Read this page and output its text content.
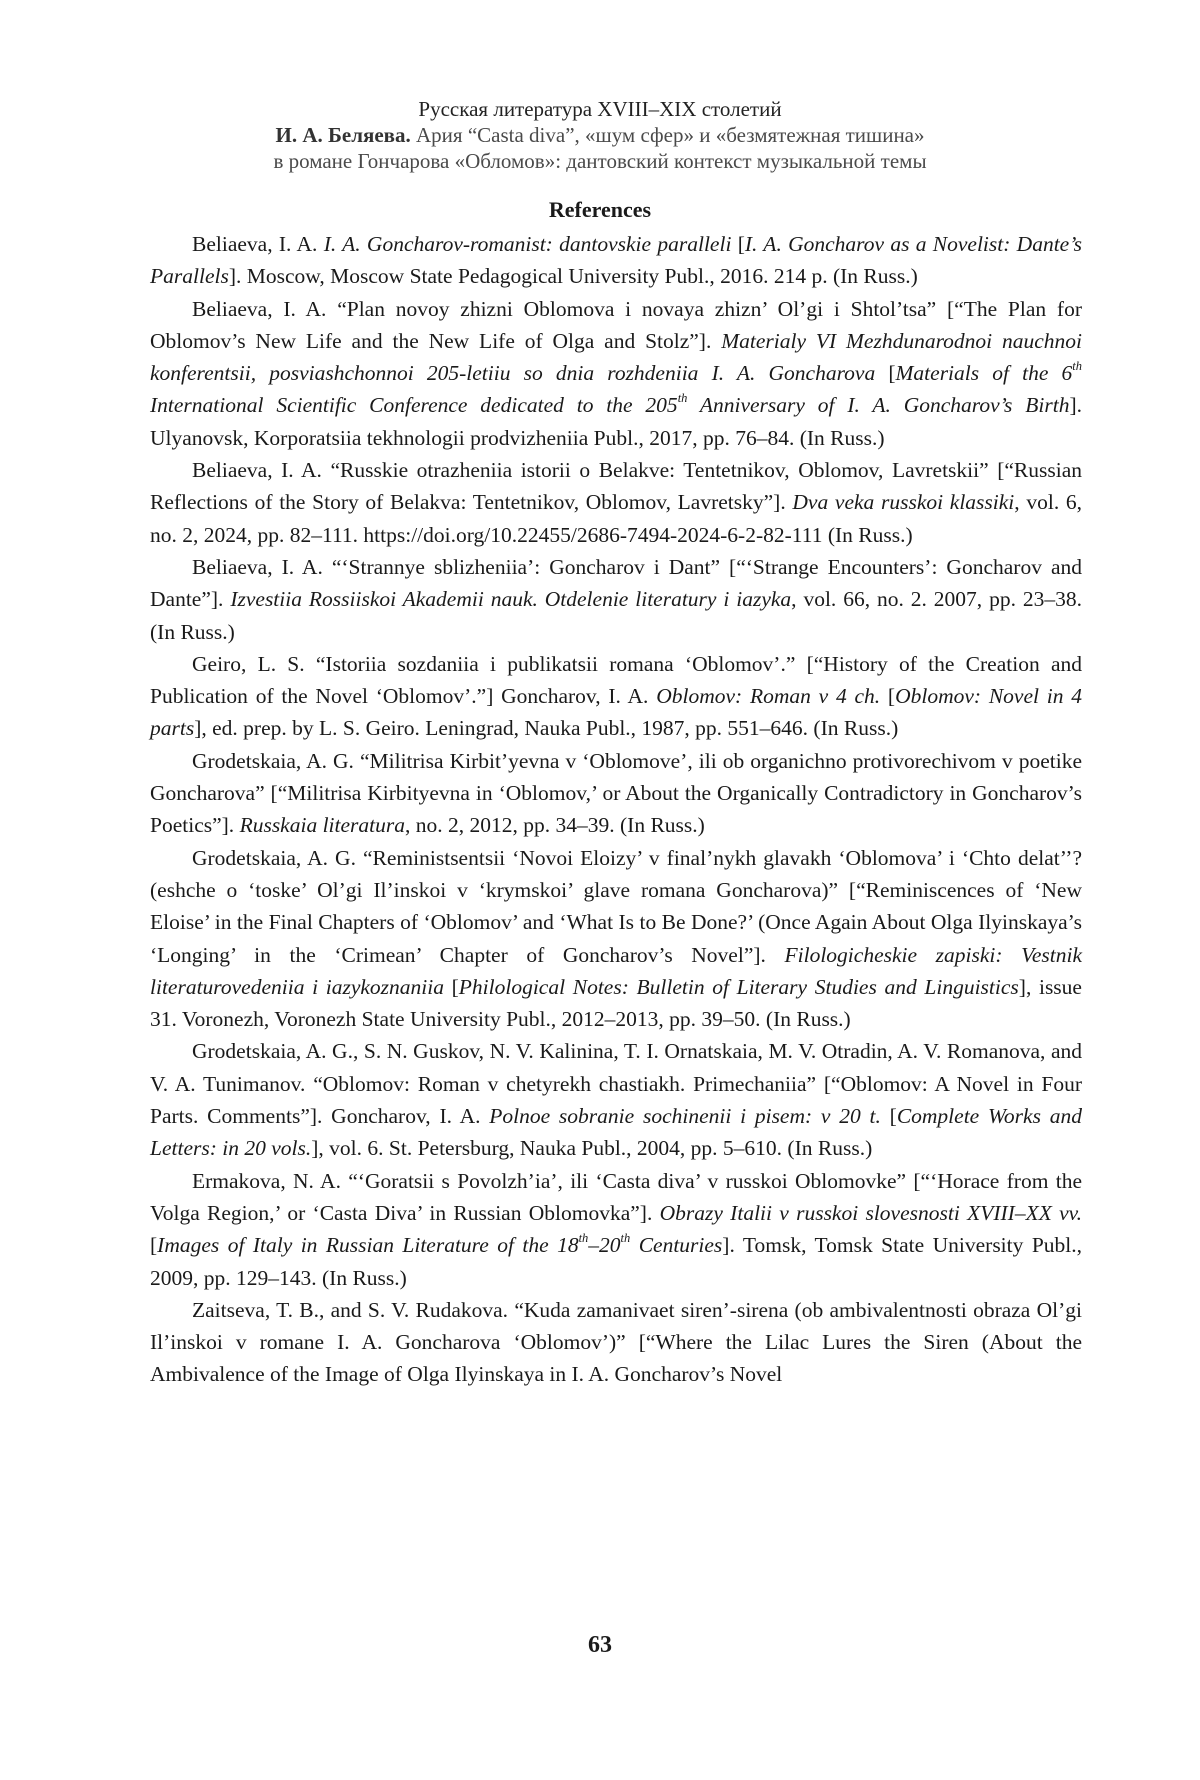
Русская литература XVIII–XIX столетий
И. А. Беляева. Ария “Casta diva”, «шум сфер» и «безмятежная тишина»
в романе Гончарова «Обломов»: дантовский контекст музыкальной темы
References

Beliaeva, I. A. I. A. Goncharov-romanist: dantovskie paralleli [I. A. Goncharov as a Novelist: Dante’s Parallels]. Moscow, Moscow State Pedagogical University Publ., 2016. 214 p. (In Russ.)

Beliaeva, I. A. “Plan novoy zhizni Oblomova i novaya zhizn’ Ol’gi i Shtol’tsa” [“The Plan for Oblomov’s New Life and the New Life of Olga and Stolz”]. Materialy VI Mezhdunarodnoi nauchnoi konferentsii, posviashchonnoi 205-letiiu so dnia rozhdeniia I. A. Goncharova [Materials of the 6th International Scientific Conference dedicated to the 205th Anniversary of I. A. Goncharov’s Birth]. Ulyanovsk, Korporatsiia tekhnologii prodvizheniia Publ., 2017, pp. 76–84. (In Russ.)

Beliaeva, I. A. “Russkie otrazheniia istorii o Belakve: Tentetnikov, Oblomov, Lavretskii” [“Russian Reflections of the Story of Belakva: Tentetnikov, Oblomov, Lavretsky”]. Dva veka russkoi klassiki, vol. 6, no. 2, 2024, pp. 82–111. https://doi.org/10.22455/2686-7494-2024-6-2-82-111 (In Russ.)

Beliaeva, I. A. “‘Strannye sblizheniia’: Goncharov i Dant” [“‘Strange Encounters’: Goncharov and Dante”]. Izvestiia Rossiiskoi Akademii nauk. Otdelenie literatury i iazyka, vol. 66, no. 2. 2007, pp. 23–38. (In Russ.)

Geiro, L. S. “Istoriia sozdaniia i publikatsii romana ‘Oblomov’.” [“History of the Creation and Publication of the Novel ‘Oblomov’.”] Goncharov, I. A. Oblomov: Roman v 4 ch. [Oblomov: Novel in 4 parts], ed. prep. by L. S. Geiro. Leningrad, Nauka Publ., 1987, pp. 551–646. (In Russ.)

Grodetskaia, A. G. “Militrisa Kirbit’yevna v ‘Oblomove’, ili ob organichno protivorechivom v poetike Goncharova” [“Militrisa Kirbityevna in ‘Oblomov,’ or About the Organically Contradictory in Goncharov’s Poetics”]. Russkaia literatura, no. 2, 2012, pp. 34–39. (In Russ.)

Grodetskaia, A. G. “Reministsentsii ‘Novoi Eloizy’ v final’nykh glavakh ‘Oblomova’ i ‘Chto delat’’? (eshche o ‘toske’ Ol’gi Il’inskoi v ‘krymskoi’ glave romana Goncharova)” [“Reminiscences of ‘New Eloise’ in the Final Chapters of ‘Oblomov’ and ‘What Is to Be Done?’ (Once Again About Olga Ilyinskaya’s ‘Longing’ in the ‘Crimean’ Chapter of Goncharov’s Novel”]. Filologicheskie zapiski: Vestnik literaturovedeniia i iazykoznaniia [Philological Notes: Bulletin of Literary Studies and Linguistics], issue 31. Voronezh, Voronezh State University Publ., 2012–2013, pp. 39–50. (In Russ.)

Grodetskaia, A. G., S. N. Guskov, N. V. Kalinina, T. I. Ornatskaia, M. V. Otradin, A. V. Romanova, and V. A. Tunimanov. “Oblomov: Roman v chetyrekh chastiakh. Primechaniia” [“Oblomov: A Novel in Four Parts. Comments”]. Goncharov, I. A. Polnoe sobranie sochinenii i pisem: v 20 t. [Complete Works and Letters: in 20 vols.], vol. 6. St. Petersburg, Nauka Publ., 2004, pp. 5–610. (In Russ.)

Ermakova, N. A. “‘Goratsii s Povolzh’ia’, ili ‘Casta diva’ v russkoi Oblomovke” [“‘Horace from the Volga Region,’ or ‘Casta Diva’ in Russian Oblomovka”]. Obrazy Italii v russkoi slovesnosti XVIII–XX vv. [Images of Italy in Russian Literature of the 18th–20th Centuries]. Tomsk, Tomsk State University Publ., 2009, pp. 129–143. (In Russ.)

Zaitseva, T. B., and S. V. Rudakova. “Kuda zamanivaet siren’-sirena (ob ambivalentnosti obraza Ol’gi Il’inskoi v romane I. A. Goncharova ‘Oblomov’)” [“Where the Lilac Lures the Siren (About the Ambivalence of the Image of Olga Ilyinskaya in I. A. Goncharov’s Novel

63
